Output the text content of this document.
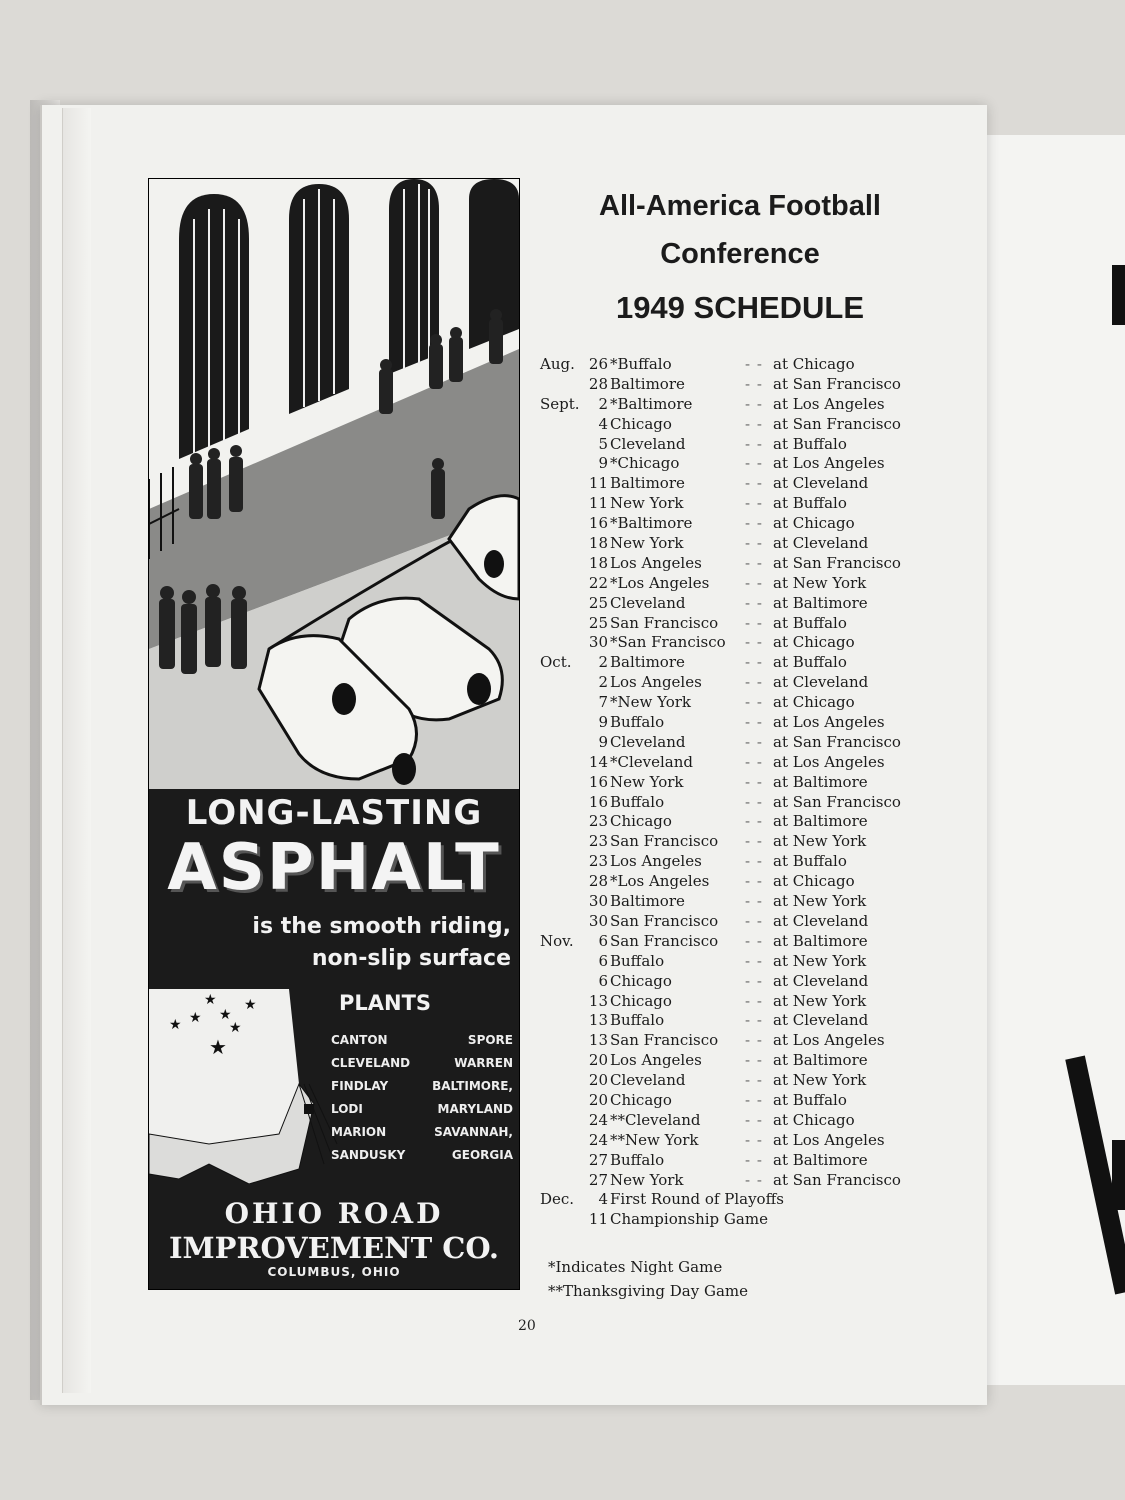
LONG-LASTING
ASPHALT
is the smooth riding,
non-slip surface
★
★ ★
★
★
★
★
PLANTS
CANTON	SPORE
CLEVELAND	WARREN
FINDLAY	BALTIMORE,
LODI	MARYLAND
MARION	SAVANNAH,
SANDUSKY	GEORGIA
OHIO ROAD
IMPROVEMENT CO.
COLUMBUS, OHIO
All-America Football
Conference
1949 SCHEDULE
Aug. 26 *Buffalo	- - at Chicago
28 Baltimore	- - at San Francisco
Sept.	2 *Baltimore	- - at Los Angeles
4 Chicago	- - at San Francisco
5 Cleveland	- - at Buffalo
9 *Chicago	- - at Los Angeles
11 Baltimore	- - at Cleveland
11 New York	- - at Buffalo
16 *Baltimore	- - at Chicago
18 New York	- - at Cleveland
18 Los Angeles	- - at San Francisco
22 *Los Angeles - - at New York
25 Cleveland	- - at Baltimore
25 San Francisco - - at Buffalo
30 *San Francisco - - at Chicago
Oct.	2 Baltimore	- - at Buffalo
2 Los Angeles	- - at Cleveland
7 *New York	- - at Chicago
9 Buffalo	- - at Los Angeles
9 Cleveland	- - at San Francisco
14 *Cleveland	- - at Los Angeles
16 New York	- - at Baltimore
16 Buffalo	- - at San Francisco
23 Chicago	- - at Baltimore
23 San Francisco - - at New York
23 Los Angeles	- - at Buffalo
28 *Los Angeles - - at Chicago
30 Baltimore	- - at New York
30 San Francisco - - at Cleveland
Nov.	6 San Francisco - - at Baltimore
6 Buffalo	- - at New York
6 Chicago	- - at Cleveland
13 Chicago	- - at New York
13 Buffalo	- - at Cleveland
13 San Francisco - - at Los Angeles
20 Los Angeles	- - at Baltimore
20 Cleveland	- - at New York
20 Chicago	- - at Buffalo
24 **Cleveland	- - at Chicago
24 **New York	- - at Los Angeles
27 Buffalo	- - at Baltimore
27 New York	- - at San Francisco
Dec.	4 First Round of Playoffs
11 Championship Game
*Indicates Night Game
**Thanksgiving Day Game
20
